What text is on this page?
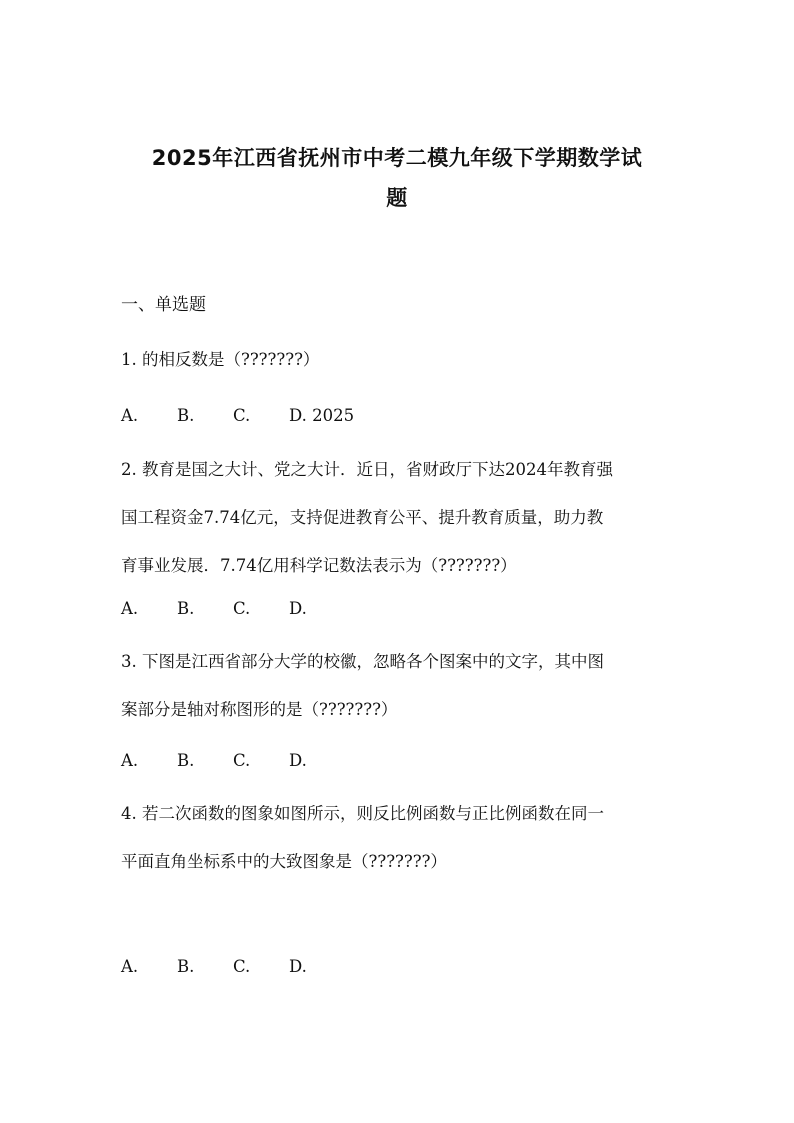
2025年江西省抚州市中考二模九年级下学期数学试
题
一、单选题
1. 的相反数是（???????）
A.	B.	C.	D. 2025
2. 教育是国之大计、党之大计．近日，省财政厅下达2024年教育强
国工程资金7.74亿元，支持促进教育公平、提升教育质量，助力教
育事业发展．7.74亿用科学记数法表示为（???????）
A.	B.	C.	D.
3. 下图是江西省部分大学的校徽，忽略各个图案中的文字，其中图
案部分是轴对称图形的是（???????）
A.	B.	C.	D.
4. 若二次函数的图象如图所示，则反比例函数与正比例函数在同一
平面直角坐标系中的大致图象是（???????）
A.	B.	C.	D.
